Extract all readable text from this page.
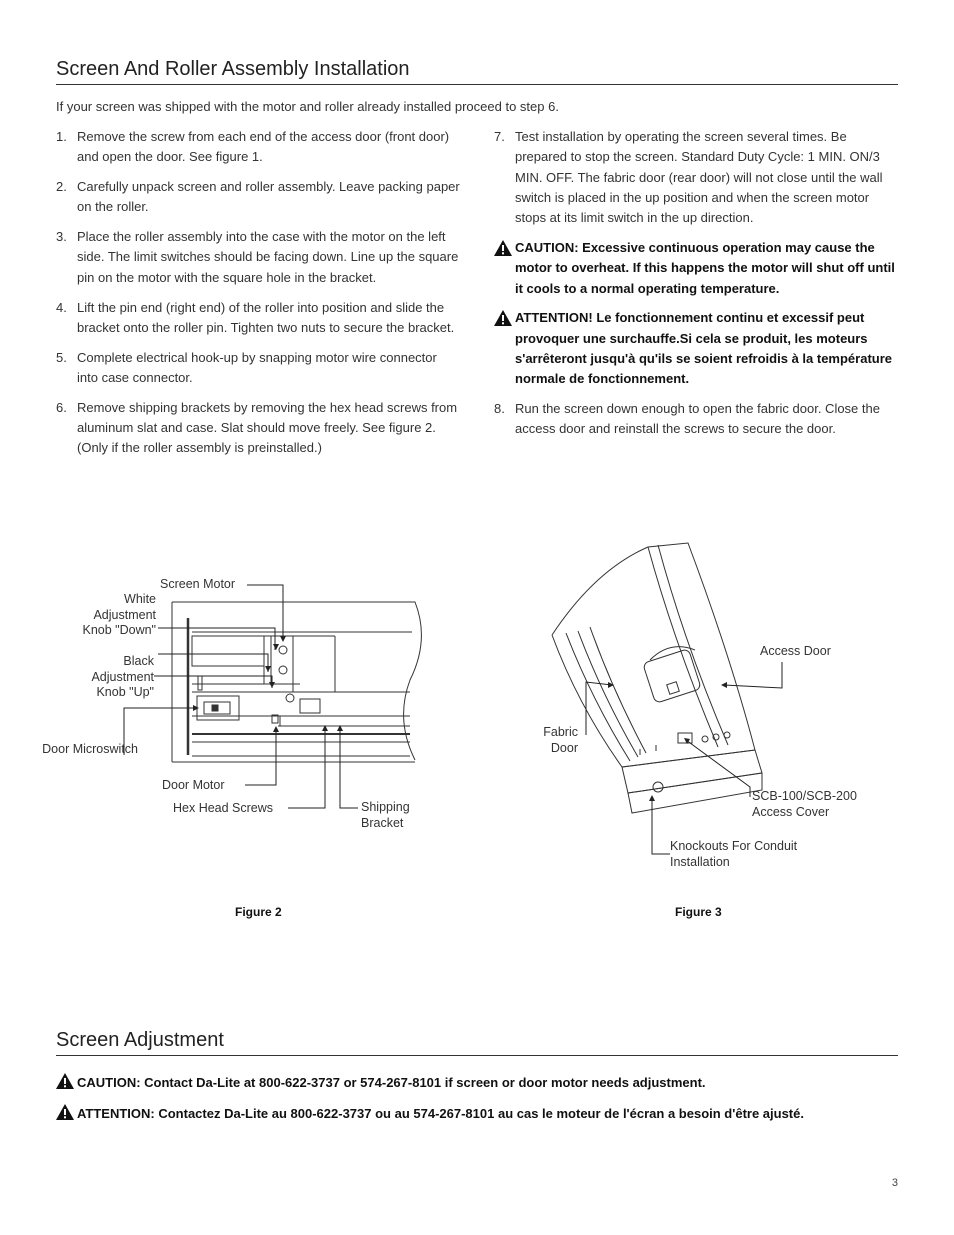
Screen And Roller Assembly Installation
If your screen was shipped with the motor and roller already installed proceed to step 6.
1. Remove the screw from each end of the access door (front door) and open the door. See figure 1.
2. Carefully unpack screen and roller assembly. Leave packing paper on the roller.
3. Place the roller assembly into the case with the motor on the left side. The limit switches should be facing down. Line up the square pin on the motor with the square hole in the bracket.
4. Lift the pin end (right end) of the roller into position and slide the bracket onto the roller pin. Tighten two nuts to secure the bracket.
5. Complete electrical hook-up by snapping motor wire connector into case connector.
6. Remove shipping brackets by removing the hex head screws from aluminum slat and case. Slat should move freely. See figure 2. (Only if the roller assembly is preinstalled.)
7. Test installation by operating the screen several times. Be prepared to stop the screen. Standard Duty Cycle: 1 MIN. ON/3 MIN. OFF. The fabric door (rear door) will not close until the wall switch is placed in the up position and when the screen motor stops at its limit switch in the up direction.
CAUTION: Excessive continuous operation may cause the motor to overheat. If this happens the motor will shut off until it cools to a normal operating temperature.
ATTENTION! Le fonctionnement continu et excessif peut provoquer une surchauffe.Si cela se produit, les moteurs s'arrêteront jusqu'à qu'ils se soient refroidis à la température normale de fonctionnement.
8. Run the screen down enough to open the fabric door. Close the access door and reinstall the screws to secure the door.
Screen Motor
White Adjustment Knob "Down"
Black Adjustment Knob "Up"
Door Microswitch
Door Motor
Hex Head Screws	Shipping Bracket
Figure 2
Access Door
Fabric Door
SCB-100/SCB-200 Access Cover
Knockouts For Conduit Installation
Figure 3
Screen Adjustment
CAUTION: Contact Da-Lite at 800-622-3737 or 574-267-8101 if screen or door motor needs adjustment.
ATTENTION: Contactez Da-Lite au 800-622-3737 ou au 574-267-8101 au cas le moteur de l'écran a besoin d'être ajusté.
3
